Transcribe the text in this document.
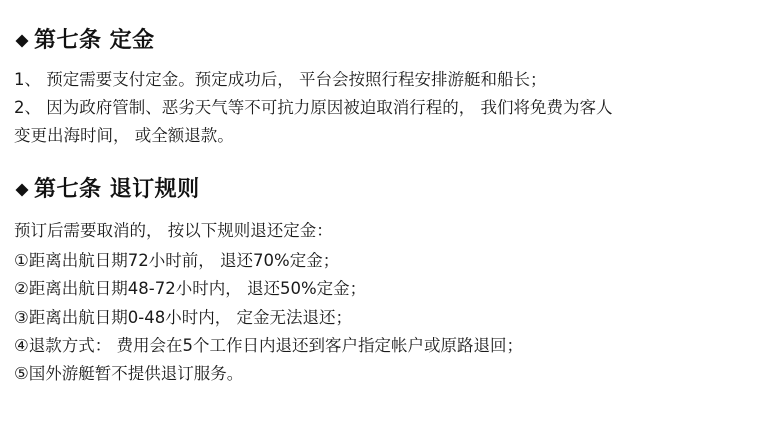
第七条 定金
1、 预定需要支付定金。预定成功后， 平台会按照行程安排游艇和船长；
2、 因为政府管制、恶劣天气等不可抗力原因被迫取消行程的， 我们将免费为客人
变更出海时间， 或全额退款。
第七条 退订规则

预订后需要取消的， 按以下规则退还定金：

①距离出航日期72小时前， 退还70%定金；
②距离出航日期48-72小时内， 退还50%定金；
③距离出航日期0-48小时内， 定金无法退还；
④退款方式： 费用会在5个工作日内退还到客户指定帐户或原路退回；
⑤国外游艇暂不提供退订服务。
